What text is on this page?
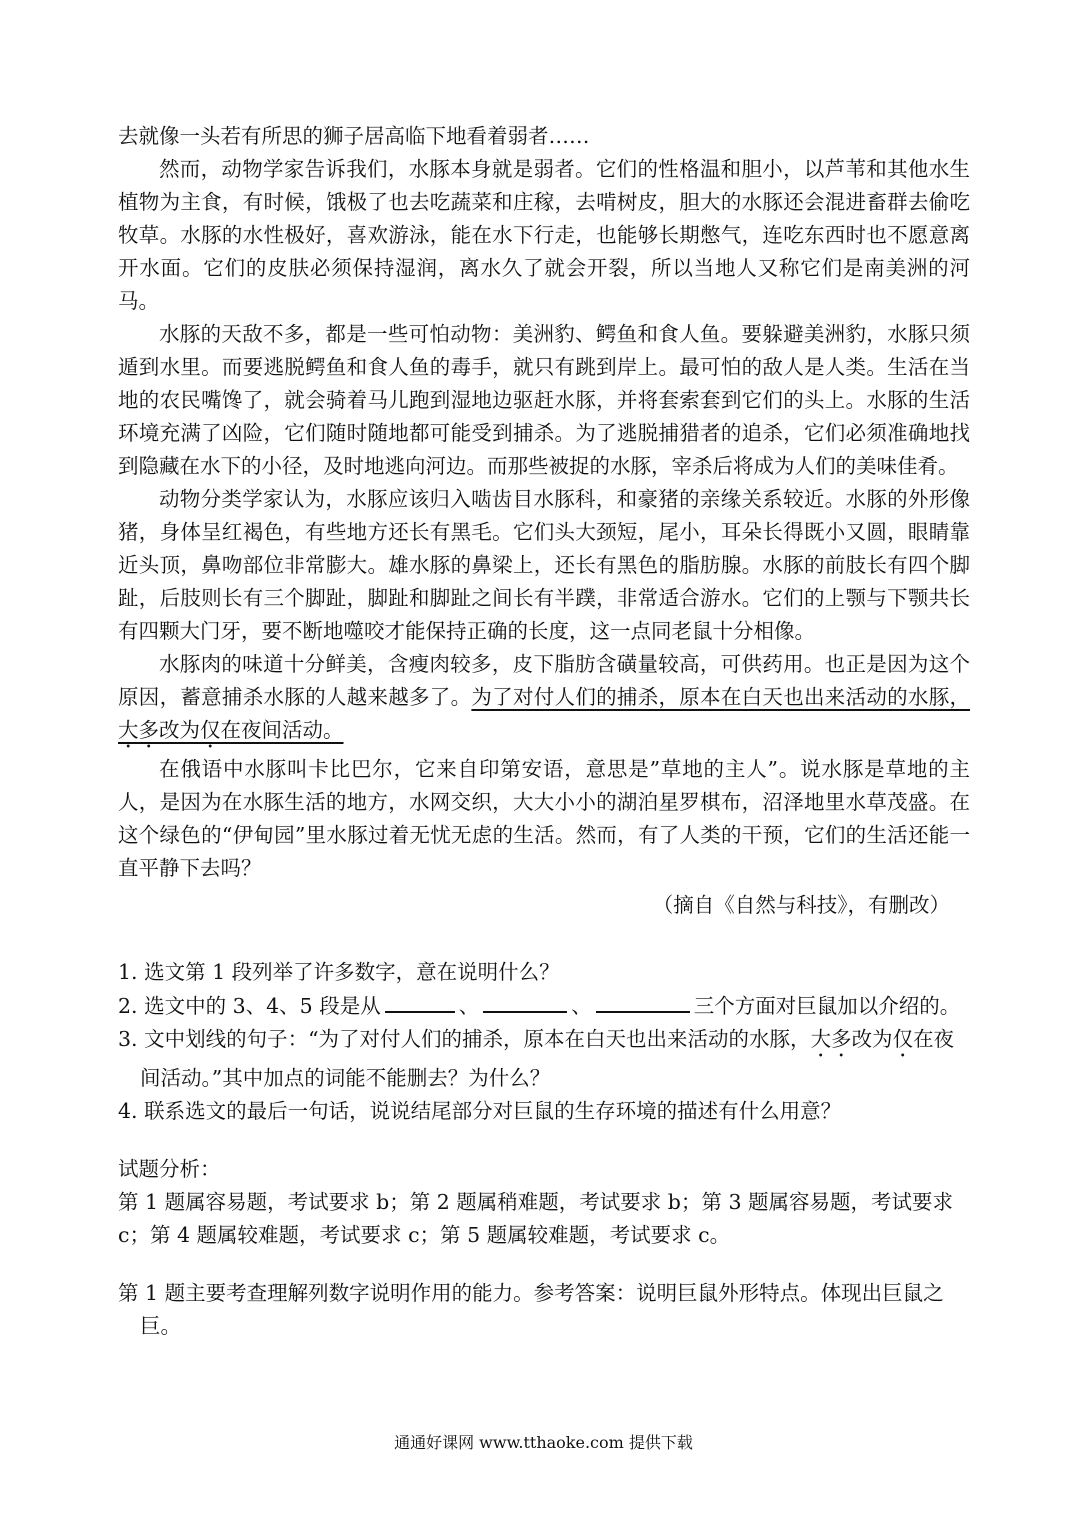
去就像一头若有所思的狮子居高临下地看着弱者……

然而，动物学家告诉我们，水豚本身就是弱者。它们的性格温和胆小，以芦苇和其他水生植物为主食，有时候，饿极了也去吃蔬菜和庄稼，去啃树皮，胆大的水豚还会混进畜群去偷吃牧草。水豚的水性极好，喜欢游泳，能在水下行走，也能够长期憋气，连吃东西时也不愿意离开水面。它们的皮肤必须保持湿润，离水久了就会开裂，所以当地人又称它们是南美洲的河马。

水豚的天敌不多，都是一些可怕动物：美洲豹、鳄鱼和食人鱼。要躲避美洲豹，水豚只须遁到水里。而要逃脱鳄鱼和食人鱼的毒手，就只有跳到岸上。最可怕的敌人是人类。生活在当地的农民嘴馋了，就会骑着马儿跑到湿地边驱赶水豚，并将套索套到它们的头上。水豚的生活环境充满了凶险，它们随时随地都可能受到捕杀。为了逃脱捕猎者的追杀，它们必须准确地找到隐藏在水下的小径，及时地逃向河边。而那些被捉的水豚，宰杀后将成为人们的美味佳肴。

动物分类学家认为，水豚应该归入啮齿目水豚科，和豪猪的亲缘关系较近。水豚的外形像猪，身体呈红褐色，有些地方还长有黑毛。它们头大颈短，尾小，耳朵长得既小又圆，眼睛靠近头顶，鼻吻部位非常膨大。雄水豚的鼻梁上，还长有黑色的脂肪腺。水豚的前肢长有四个脚趾，后肢则长有三个脚趾，脚趾和脚趾之间长有半蹼，非常适合游水。它们的上颚与下颚共长有四颗大门牙，要不断地噬咬才能保持正确的长度，这一点同老鼠十分相像。

水豚肉的味道十分鲜美，含瘦肉较多，皮下脂肪含磺量较高，可供药用。也正是因为这个原因，蓄意捕杀水豚的人越来越多了。为了对付人们的捕杀，原本在白天也出来活动的水豚，大多改为仅在夜间活动。

在俄语中水豚叫卡比巴尔，它来自印第安语，意思是”草地的主人”。说水豚是草地的主人，是因为在水豚生活的地方，水网交织，大大小小的湖泊星罗棋布，沼泽地里水草茂盛。在这个绿色的“伊甸园”里水豚过着无忧无虑的生活。然而，有了人类的干预，它们的生活还能一直平静下去吗？

（摘自《自然与科技》，有删改）

1. 选文第 1 段列举了许多数字，意在说明什么？

2. 选文中的 3、4、5 段是从	、	、	三个方面对巨鼠加以介绍的。

3. 文中划线的句子：“为了对付人们的捕杀，原本在白天也出来活动的水豚，大多改为仅在夜间活动。”其中加点的词能不能删去？为什么？

4. 联系选文的最后一句话，说说结尾部分对巨鼠的生存环境的描述有什么用意？

试题分析：

第 1 题属容易题，考试要求 b；第 2 题属稍难题，考试要求 b；第 3 题属容易题，考试要求 c；第 4 题属较难题，考试要求 c；第 5 题属较难题，考试要求 c。

第 1 题主要考查理解列数字说明作用的能力。参考答案：说明巨鼠外形特点。体现出巨鼠之巨。

通通好课网 www.tthaoke.com 提供下载
